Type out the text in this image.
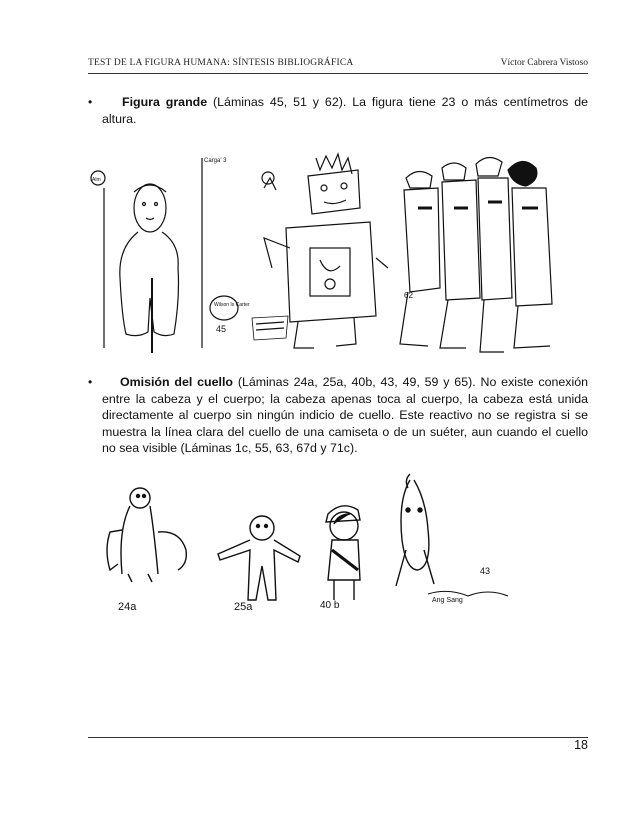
TEST DE LA FIGURA HUMANA: SÍNTESIS BIBLIOGRÁFICA	Víctor Cabrera Vistoso
•	Figura grande (Láminas 45, 51 y 62). La figura tiene 23 o más centímetros de altura.
Alm
Wilson Is Carter
45
Carga' 3
62
•	Omisión del cuello (Láminas 24a, 25a, 40b, 43, 49, 59 y 65). No existe conexión entre la cabeza y el cuerpo; la cabeza apenas toca al cuerpo, la cabeza está unida directamente al cuerpo sin ningún indicio de cuello. Este reactivo no se registra si se muestra la línea clara del cuello de una camiseta o de un suéter, aun cuando el cuello no sea visible (Láminas 1c, 55, 63, 67d y 71c).
24a	25a	40 b	Ang Sang
43
18
